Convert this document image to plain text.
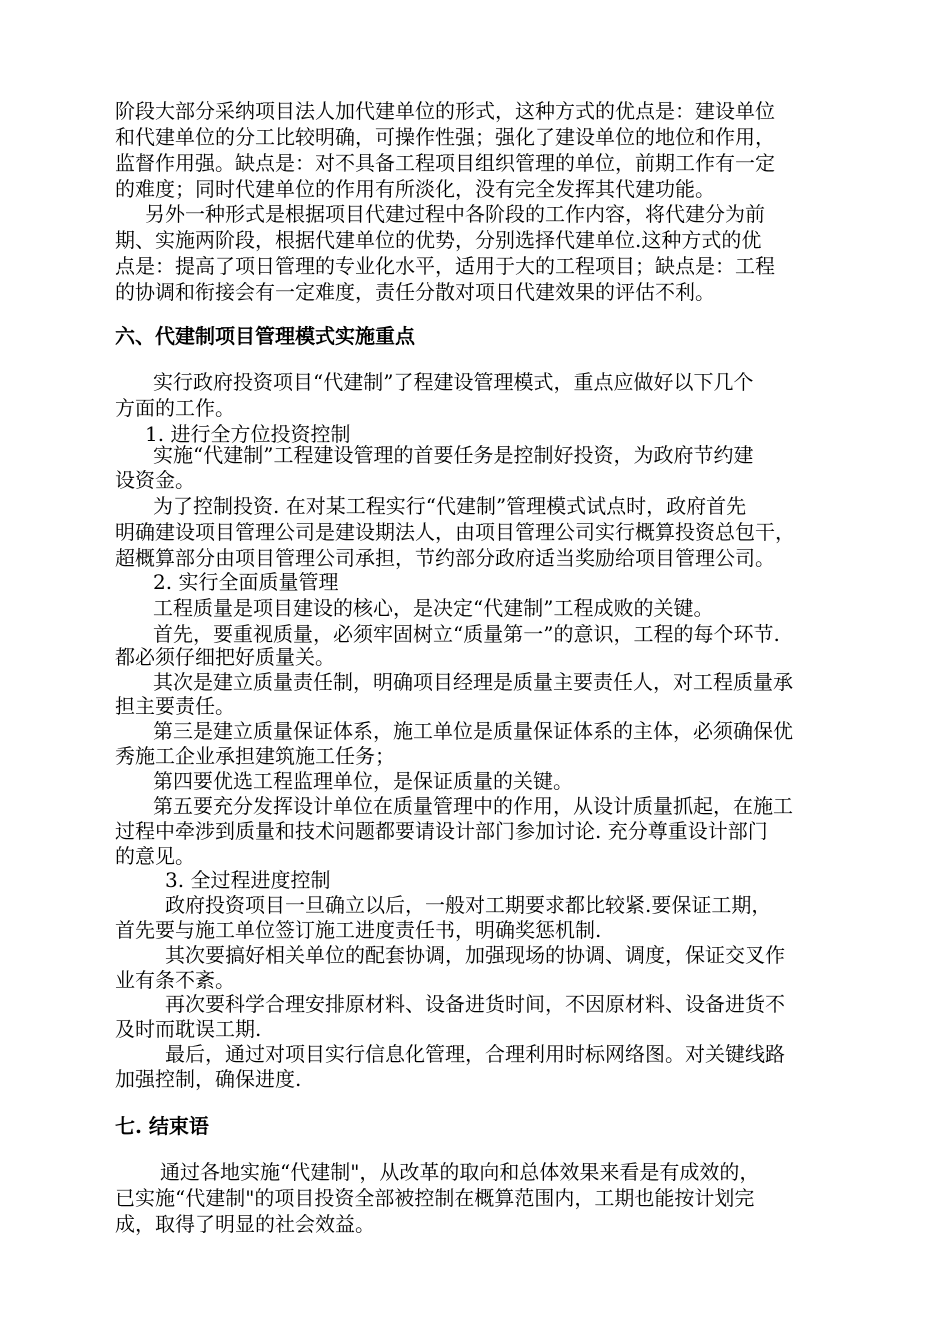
阶段大部分采纳项目法人加代建单位的形式，这种方式的优点是：建设单位

和代建单位的分工比较明确，可操作性强；强化了建设单位的地位和作用，

监督作用强。缺点是：对不具备工程项目组织管理的单位，前期工作有一定

的难度；同时代建单位的作用有所淡化，没有完全发挥其代建功能。

另外一种形式是根据项目代建过程中各阶段的工作内容，将代建分为前

期、实施两阶段，根据代建单位的优势，分别选择代建单位.这种方式的优

点是：提高了项日管理的专业化水平，适用于大的工程项目；缺点是：工程

的协调和衔接会有一定难度，责任分散对项日代建效果的评估不利。

六、代建制项目管理模式实施重点

实行政府投资项目“代建制”了程建设管理模式，重点应做好以下几个

方面的工作。

1. 进行全方位投资控制

实施“代建制”工程建设管理的首要任务是控制好投资，为政府节约建

设资金。

为了控制投资. 在对某工程实行“代建制”管理模式试点时，政府首先

明确建设项目管理公司是建设期法人，由项目管理公司实行概算投资总包干，

超概算部分由项目管理公司承担，节约部分政府适当奖励给项目管理公司。

2. 实行全面质量管理

工程质量是项目建设的核心，是决定“代建制”工程成败的关键。

首先，要重视质量，必须牢固树立“质量第一”的意识，工程的每个环节.

都必须仔细把好质量关。

其次是建立质量责任制，明确项目经理是质量主要责任人，对工程质量承

担主要责任。

第三是建立质量保证体系，施工单位是质量保证体系的主体，必须确保优

秀施工企业承担建筑施工任务；

第四要优选工程监理单位，是保证质量的关键。

第五要充分发挥设计单位在质量管理中的作用，从设计质量抓起，在施工

过程中牵涉到质量和技术问题都要请设计部门参加讨论. 充分尊重设计部门

的意见。

3. 全过程进度控制

政府投资项目一旦确立以后，一般对工期要求都比较紧.要保证工期，

首先要与施工单位签订施工进度责任书，明确奖惩机制.

其次要搞好相关单位的配套协调，加强现场的协调、调度，保证交叉作

业有条不紊。

再次要科学合理安排原材料、设备进货时间，不因原材料、设备进货不

及时而耽误工期.

最后，通过对项目实行信息化管理，合理利用时标网络图。对关键线路

加强控制，确保进度.

七. 结束语

通过各地实施“代建制"，从改革的取向和总体效果来看是有成效的，

已实施“代建制"的项目投资全部被控制在概算范围内，工期也能按计划完

成，取得了明显的社会效益。
